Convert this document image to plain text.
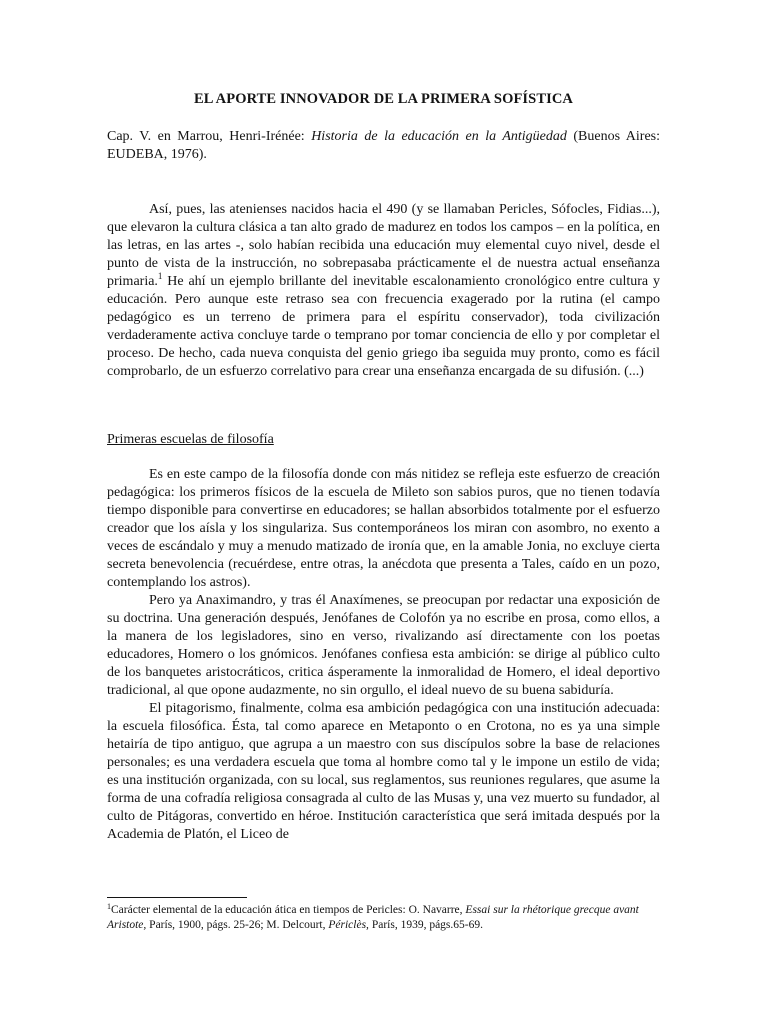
EL APORTE INNOVADOR DE LA PRIMERA SOFÍSTICA
Cap. V. en Marrou, Henri-Irénée: Historia de la educación en la Antigüedad (Buenos Aires: EUDEBA, 1976).

Así, pues, las atenienses nacidos hacia el 490 (y se llamaban Pericles, Sófocles, Fidias...), que elevaron la cultura clásica a tan alto grado de madurez en todos los campos – en la política, en las letras, en las artes -, solo habían recibida una educación muy elemental cuyo nivel, desde el punto de vista de la instrucción, no sobrepasaba prácticamente el de nuestra actual enseñanza primaria.$^1$ He ahí un ejemplo brillante del inevitable escalonamiento cronológico entre cultura y educación. Pero aunque este retraso sea con frecuencia exagerado por la rutina (el campo pedagógico es un terreno de primera para el espíritu conservador), toda civilización verdaderamente activa concluye tarde o temprano por tomar conciencia de ello y por completar el proceso. De hecho, cada nueva conquista del genio griego iba seguida muy pronto, como es fácil comprobarlo, de un esfuerzo correlativo para crear una enseñanza encargada de su difusión. (...)

Primeras escuelas de filosofía

Es en este campo de la filosofía donde con más nitidez se refleja este esfuerzo de creación pedagógica: los primeros físicos de la escuela de Mileto son sabios puros, que no tienen todavía tiempo disponible para convertirse en educadores; se hallan absorbidos totalmente por el esfuerzo creador que los aísla y los singulariza. Sus contemporáneos los miran con asombro, no exento a veces de escándalo y muy a menudo matizado de ironía que, en la amable Jonia, no excluye cierta secreta benevolencia (recuérdese, entre otras, la anécdota que presenta a Tales, caído en un pozo, contemplando los astros).

Pero ya Anaximandro, y tras él Anaxímenes, se preocupan por redactar una exposición de su doctrina. Una generación después, Jenófanes de Colofón ya no escribe en prosa, como ellos, a la manera de los legisladores, sino en verso, rivalizando así directamente con los poetas educadores, Homero o los gnómicos. Jenófanes confiesa esta ambición: se dirige al público culto de los banquetes aristocráticos, critica ásperamente la inmoralidad de Homero, el ideal deportivo tradicional, al que opone audazmente, no sin orgullo, el ideal nuevo de su buena sabiduría.

El pitagorismo, finalmente, colma esa ambición pedagógica con una institución adecuada: la escuela filosófica. Ésta, tal como aparece en Metaponto o en Crotona, no es ya una simple hetairía de tipo antiguo, que agrupa a un maestro con sus discípulos sobre la base de relaciones personales; es una verdadera escuela que toma al hombre como tal y le impone un estilo de vida; es una institución organizada, con su local, sus reglamentos, sus reuniones regulares, que asume la forma de una cofradía religiosa consagrada al culto de las Musas y, una vez muerto su fundador, al culto de Pitágoras, convertido en héroe. Institución característica que será imitada después por la Academia de Platón, el Liceo de

$^1$Carácter elemental de la educación ática en tiempos de Pericles: O. Navarre, Essai sur la rhétorique grecque avant Aristote, París, 1900, págs. 25-26; M. Delcourt, Périclès, París, 1939, págs.65-69.
